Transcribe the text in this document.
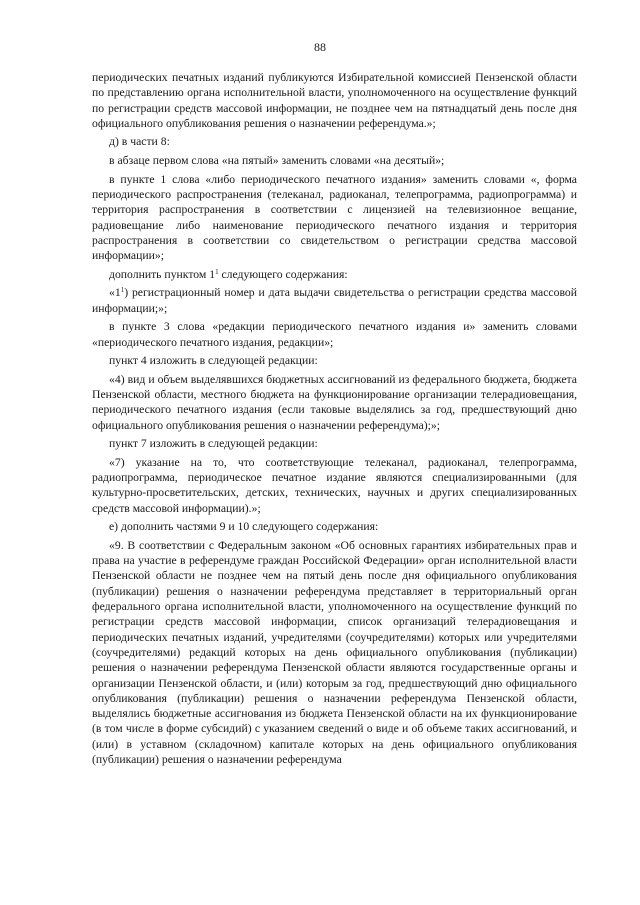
88

периодических печатных изданий публикуются Избирательной комиссией Пензенской области по представлению органа исполнительной власти, уполномоченного на осуществление функций по регистрации средств массовой информации, не позднее чем на пятнадцатый день после дня официального опубликования решения о назначении референдума.»;

д) в части 8:

в абзаце первом слова «на пятый» заменить словами «на десятый»;

в пункте 1 слова «либо периодического печатного издания» заменить словами «, форма периодического распространения (телеканал, радиоканал, телепрограмма, радиопрограмма) и территория распространения в соответствии с лицензией на телевизионное вещание, радиовещание либо наименование периодического печатного издания и территория распространения в соответствии со свидетельством о регистрации средства массовой информации»;

дополнить пунктом $1^1$ следующего содержания:

«$1^1$) регистрационный номер и дата выдачи свидетельства о регистрации средства массовой информации;»;

в пункте 3 слова «редакции периодического печатного издания и» заменить словами «периодического печатного издания, редакции»;

пункт 4 изложить в следующей редакции:

«4) вид и объем выделявшихся бюджетных ассигнований из федерального бюджета, бюджета Пензенской области, местного бюджета на функционирование организации телерадиовещания, периодического печатного издания (если таковые выделялись за год, предшествующий дню официального опубликования решения о назначении референдума);»;

пункт 7 изложить в следующей редакции:

«7) указание на то, что соответствующие телеканал, радиоканал, телепрограмма, радиопрограмма, периодическое печатное издание являются специализированными (для культурно-просветительских, детских, технических, научных и других специализированных средств массовой информации).»;

е) дополнить частями 9 и 10 следующего содержания:

«9. В соответствии с Федеральным законом «Об основных гарантиях избирательных прав и права на участие в референдуме граждан Российской Федерации» орган исполнительной власти Пензенской области не позднее чем на пятый день после дня официального опубликования (публикации) решения о назначении референдума представляет в территориальный орган федерального органа исполнительной власти, уполномоченного на осуществление функций по регистрации средств массовой информации, список организаций телерадиовещания и периодических печатных изданий, учредителями (соучредителями) которых или учредителями (соучредителями) редакций которых на день официального опубликования (публикации) решения о назначении референдума Пензенской области являются государственные органы и организации Пензенской области, и (или) которым за год, предшествующий дню официального опубликования (публикации) решения о назначении референдума Пензенской области, выделялись бюджетные ассигнования из бюджета Пензенской области на их функционирование (в том числе в форме субсидий) с указанием сведений о виде и об объеме таких ассигнований, и (или) в уставном (складочном) капитале которых на день официального опубликования (публикации) решения о назначении референдума
